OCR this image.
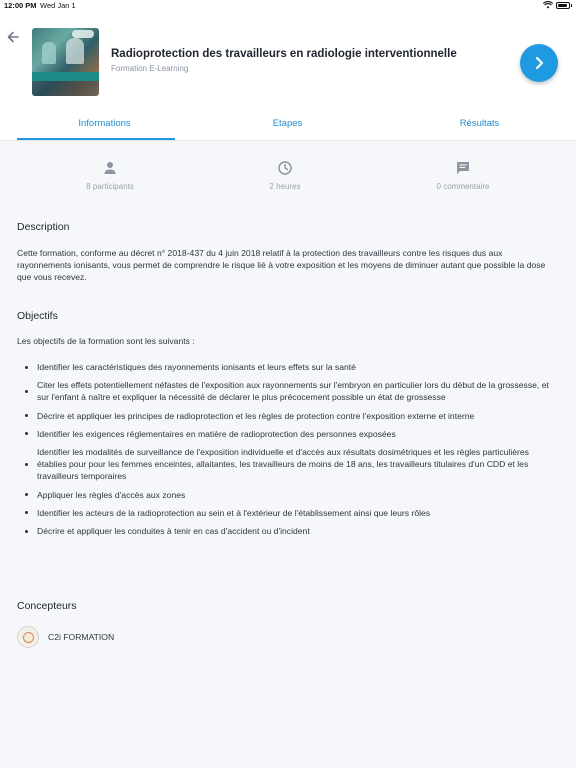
12:00 PM Wed Jan 1
Radioprotection des travailleurs en radiologie interventionnelle
Formation E-Learning
Informations	Etapes	Résultats
8 participants	2 heures	0 commentaire
Description
Cette formation, conforme au décret n° 2018-437 du 4 juin 2018 relatif à la protection des travailleurs contre les risques dus aux rayonnements ionisants, vous permet de comprendre le risque lié à votre exposition et les moyens de diminuer autant que possible la dose que vous recevez.
Objectifs
Les objectifs de la formation sont les suivants :
Identifier les caractéristiques des rayonnements ionisants et leurs effets sur la santé
Citer les effets potentiellement néfastes de l'exposition aux rayonnements sur l'embryon en particulier lors du début de la grossesse, et sur l'enfant à naître et expliquer la nécessité de déclarer le plus précocement possible un état de grossesse
Décrire et appliquer les principes de radioprotection et les règles de protection contre l'exposition externe et interne
Identifier les exigences réglementaires en matière de radioprotection des personnes exposées
Identifier les modalités de surveillance de l'exposition individuelle et d'accès aux résultats dosimétriques et les règles particulières établies pour pour les femmes enceintes, allaitantes, les travailleurs de moins de 18 ans, les travailleurs titulaires d'un CDD et les travailleurs temporaires
Appliquer les règles d'accès aux zones
Identifier les acteurs de la radioprotection au sein et à l'extérieur de l'établissement ainsi que leurs rôles
Décrire et appliquer les conduites à tenir en cas d'accident ou d'incident
Concepteurs
C2i FORMATION
